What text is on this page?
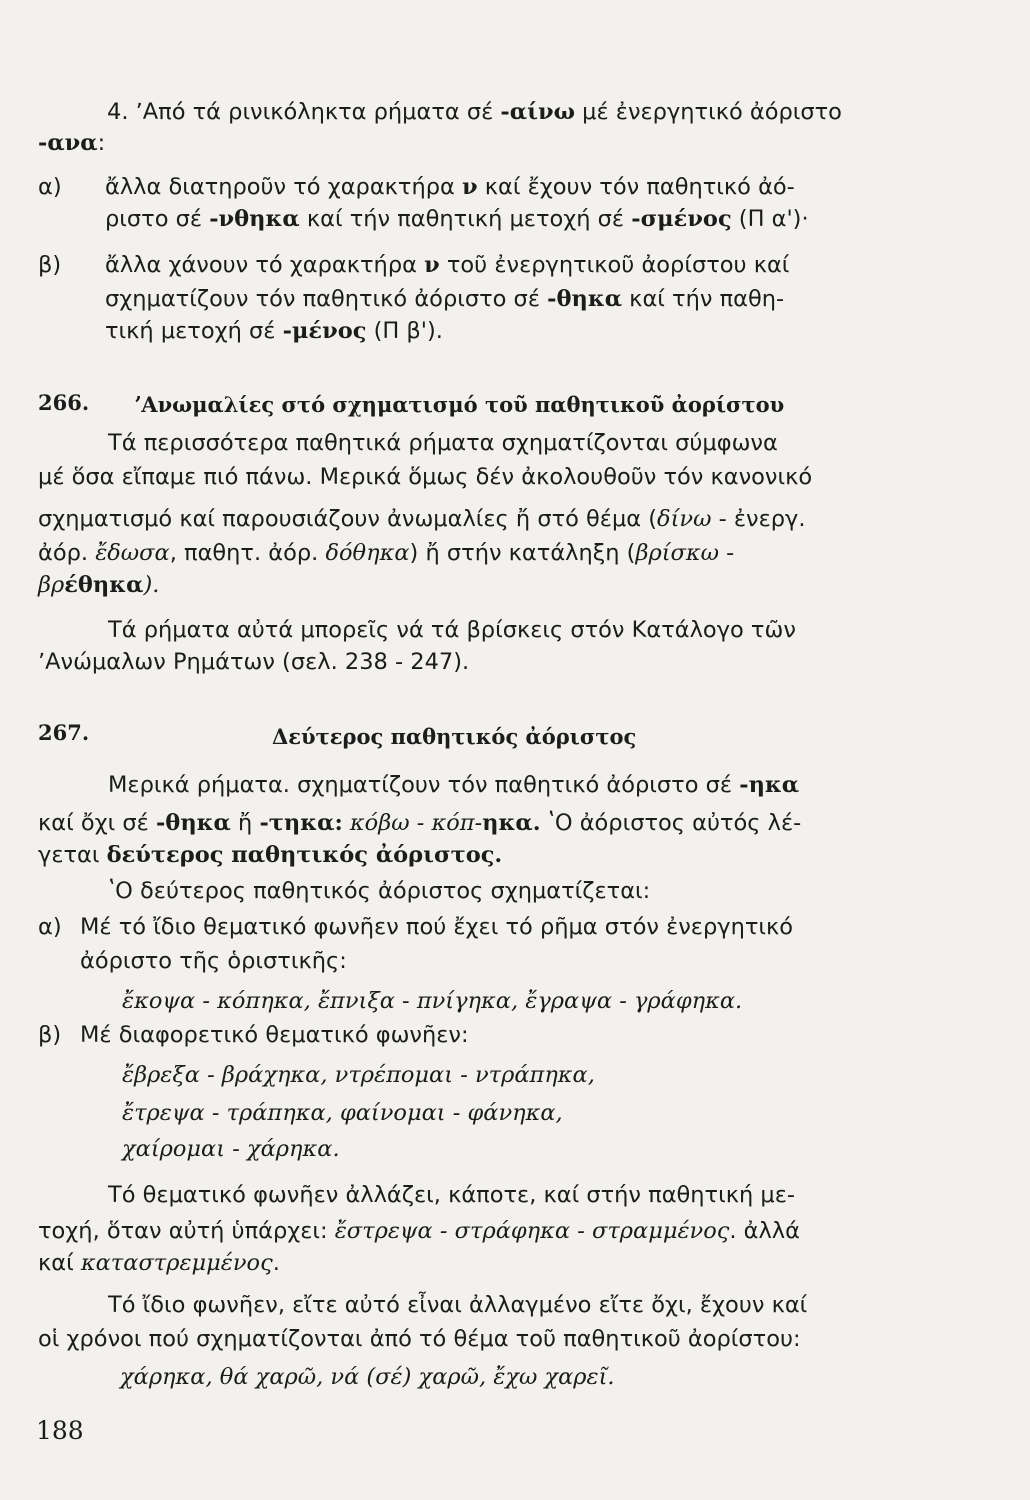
4. ʼΑπό τά ρινικόληκτα ρήματα σέ -αίνω μέ ἐνεργητικό ἀόριστο
-ανα:
α) ἄλλα διατηροῦν τό χαρακτήρα ν καί ἔχουν τόν παθητικό ἀό-
ριστο σέ -νθηκα καί τήν παθητική μετοχή σέ -σμένος (Π α')·
β) ἄλλα χάνουν τό χαρακτήρα ν τοῦ ἐνεργητικοῦ ἀορίστου καί
σχηματίζουν τόν παθητικό ἀόριστο σέ -θηκα καί τήν παθη-
τική μετοχή σέ -μένος (Π β').
266. ʼΑνωμαλίες στό σχηματισμό τοῦ παθητικοῦ ἀορίστου
Τά περισσότερα παθητικά ρήματα σχηματίζονται σύμφωνα
μέ ὅσα εἴπαμε πιό πάνω. Μερικά ὅμως δέν ἀκολουθοῦν τόν κανονικό
σχηματισμό καί παρουσιάζουν ἀνωμαλίες ἤ στό θέμα (δίνω - ἐνεργ.
ἀόρ. ἔδωσα, παθητ. ἀόρ. δόθηκα) ἤ στήν κατάληξη (βρίσκω -
βρέθηκα).
Τά ρήματα αὐτά μπορεῖς νά τά βρίσκεις στόν Κατάλογο τῶν
ʼΑνώμαλων Ρημάτων (σελ. 238 - 247).
267.	Δεύτερος παθητικός ἀόριστος
Μερικά ρήματα. σχηματίζουν τόν παθητικό ἀόριστο σέ -ηκα
καί ὄχι σέ -θηκα ἤ -τηκα: κόβω - κόπ-ηκα. ʽΟ ἀόριστος αὐτός λέ-
γεται δεύτερος παθητικός ἀόριστος.
ʽΟ δεύτερος παθητικός ἀόριστος σχηματίζεται:
α) Μέ τό ἴδιο θεματικό φωνῆεν πού ἔχει τό ρῆμα στόν ἐνεργητικό
ἀόριστο τῆς ὁριστικῆς:
ἔκοψα - κόπηκα, ἔπνιξα - πνίγηκα, ἔγραψα - γράφηκα.
β) Μέ διαφορετικό θεματικό φωνῆεν:
ἔβρεξα - βράχηκα, ντρέπομαι - ντράπηκα,
ἔτρεψα - τράπηκα, φαίνομαι - φάνηκα,
χαίρομαι - χάρηκα.
Τό θεματικό φωνῆεν ἀλλάζει, κάποτε, καί στήν παθητική με-
τοχή, ὅταν αὐτή ὑπάρχει: ἔστρεψα - στράφηκα - στραμμένος. ἀλλά
καί καταστρεμμένος.
Τό ἴδιο φωνῆεν, εἴτε αὐτό εἶναι ἀλλαγμένο εἴτε ὄχι, ἔχουν καί
οἱ χρόνοι πού σχηματίζονται ἀπό τό θέμα τοῦ παθητικοῦ ἀορίστου:
χάρηκα, θά χαρῶ, νά (σέ) χαρῶ, ἔχω χαρεῖ.
188
